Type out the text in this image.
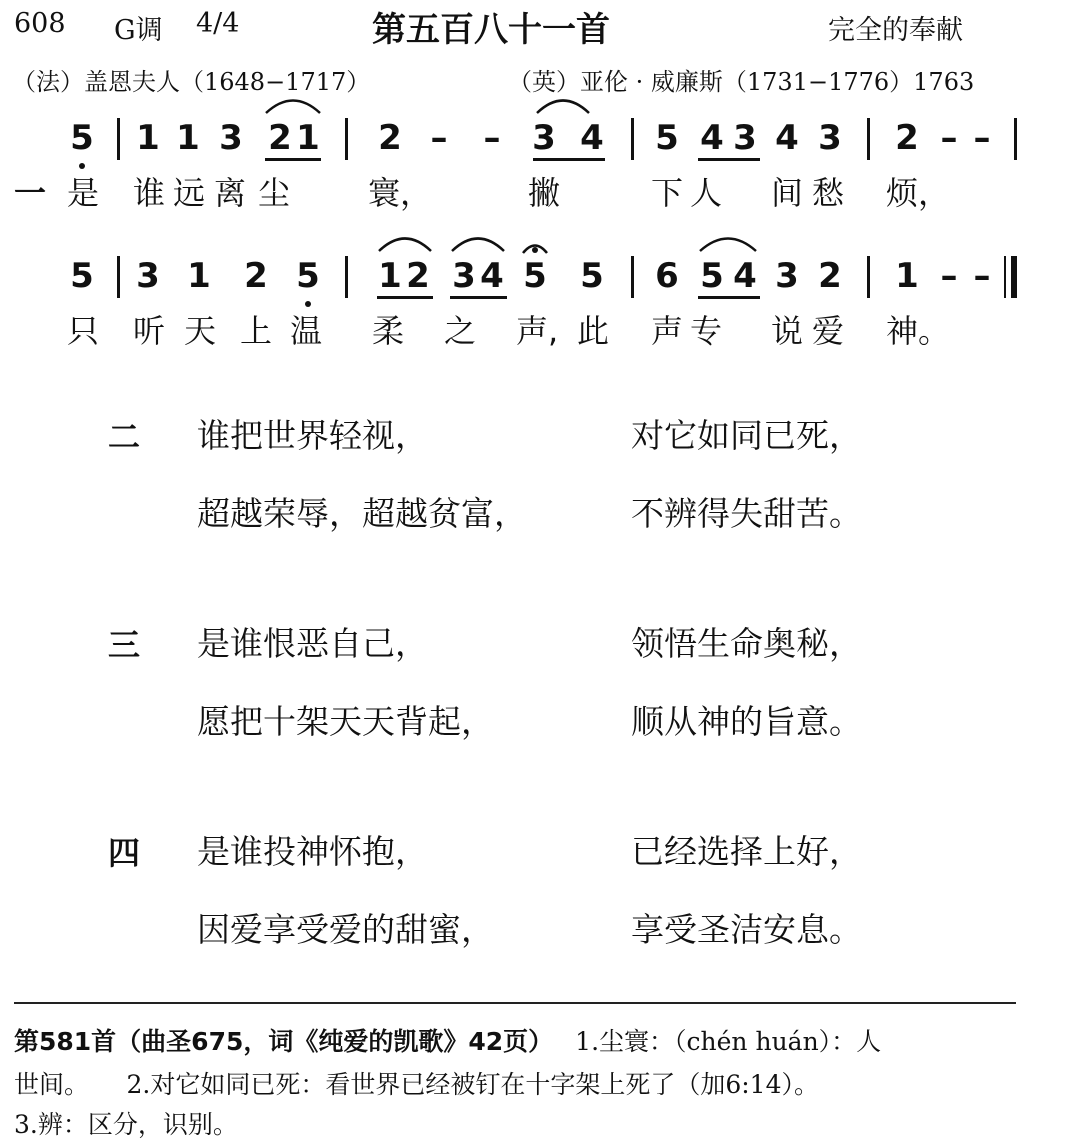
608 G调 4/4	第五百八十一首	完全的奉献
（法）盖恩夫人（1648−1717）	（英）亚伦 · 威廉斯（1731−1776）1763
5 1 1 3 2 1 2 – – 3 4 5 4 3 4 3 2 – –
一 是 谁 远 离 尘 寰，	撇	下 人 间 愁 烦，
5 3 1 2 5 1 2 3 4 5 5 6 5 4 3 2 1 – –
只 听 天 上 温 柔 之 声, 此 声 专 说 爱 神。
二 谁把世界轻视，	对它如同已死，
超越荣辱，超越贫富，	不辨得失甜苦。
三 是谁恨恶自己，	领悟生命奥秘，
愿把十架天天背起，	顺从神的旨意。
四 是谁投神怀抱，	已经选择上好，
因爱享受爱的甜蜜，	享受圣洁安息。
第581首（曲圣675，词《纯爱的凯歌》42页） 1.尘寰：（chén huán）：人
世间。　　2.对它如同已死：看世界已经被钉在十字架上死了（加6:14）。
3.辨：区分，识别。
